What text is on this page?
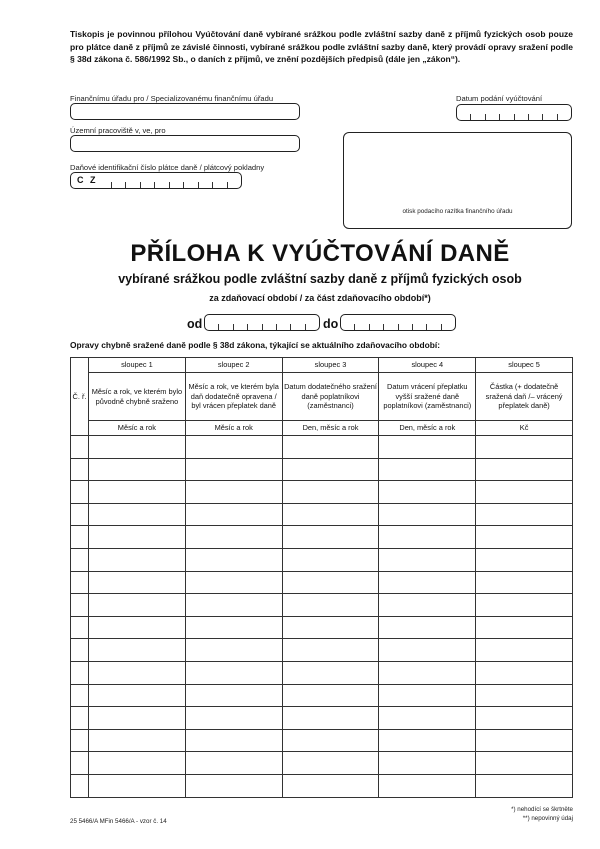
Tiskopis je povinnou přílohou Vyúčtování daně vybírané srážkou podle zvláštní sazby daně z příjmů fyzických osob pouze pro plátce daně z příjmů ze závislé činnosti, vybírané srážkou podle zvláštní sazby daně, který provádí opravy sražení podle § 38d zákona č. 586/1992 Sb., o daních z příjmů, ve znění pozdějších předpisů (dále jen „zákon“).
Finančnímu úřadu pro / Specializovanému finančnímu úřadu
Územní pracoviště v, ve, pro
Daňové identifikační číslo plátce daně / plátcový pokladny
C Z
Datum podání vyúčtování
otisk podacího razítka finančního úřadu
PŘÍLOHA K VYÚČTOVÁNÍ DANĚ
vybírané srážkou podle zvláštní sazby daně z příjmů fyzických osob
za zdaňovací období / za část zdaňovacího období*)
od	do
Opravy chybně sražené daně podle § 38d zákona, týkající se aktuálního zdaňovacího období:
Č. ř.	sloupec 1	sloupec 2	sloupec 3	sloupec 4	sloupec 5
	Měsíc a rok, ve kterém bylo původně chybně sraženo	Měsíc a rok, ve kterém byla daň dodatečně opravena / byl vrácen přeplatek daně	Datum dodatečného sražení daně poplatníkovi (zaměstnanci)	Datum vrácení přeplatku vyšší sražené daně poplatníkovi (zaměstnanci)	Částka (+ dodatečně sražená daň /– vrácený přeplatek daně)
	Měsíc a rok	Měsíc a rok	Den, měsíc a rok	Den, měsíc a rok	Kč

25 5466/A MFin 5466/A - vzor č. 14
*) nehodící se škrtněte
**) nepovinný údaj
